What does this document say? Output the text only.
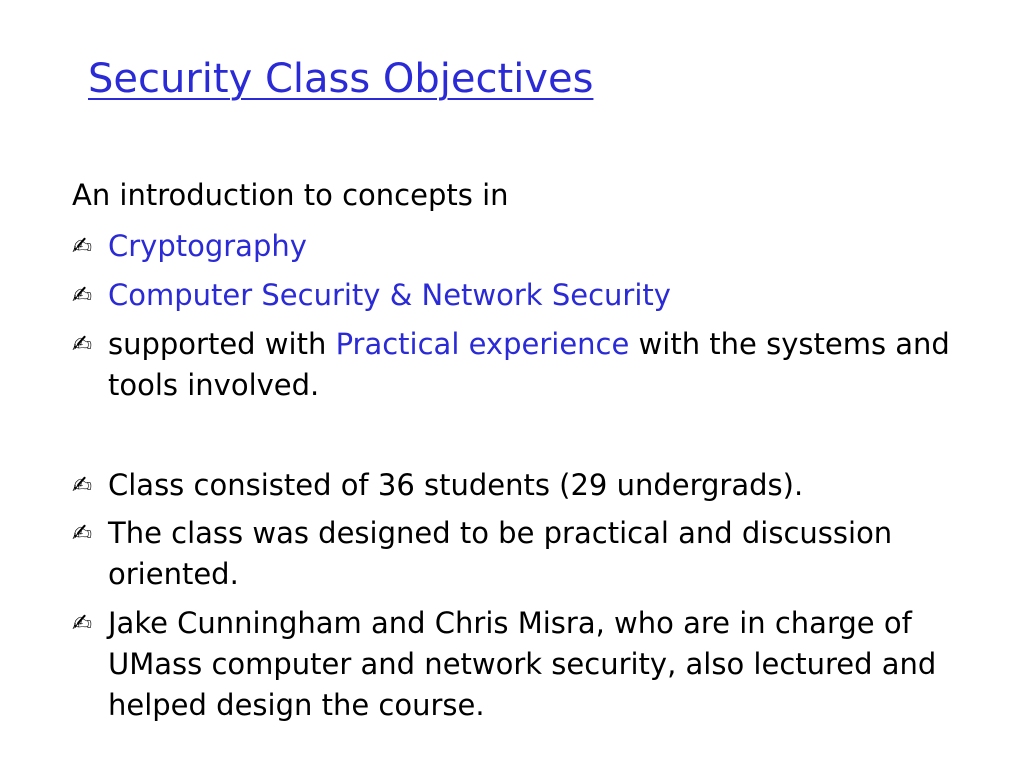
Security Class Objectives

An introduction to concepts in

✍ Cryptography
✍ Computer Security & Network Security
✍ supported with Practical experience with the systems and tools involved.
✍ Class consisted of 36 students (29 undergrads).
✍ The class was designed to be practical and discussion oriented.
✍ Jake Cunningham and Chris Misra, who are in charge of UMass computer and network security, also lectured and helped design the course.
